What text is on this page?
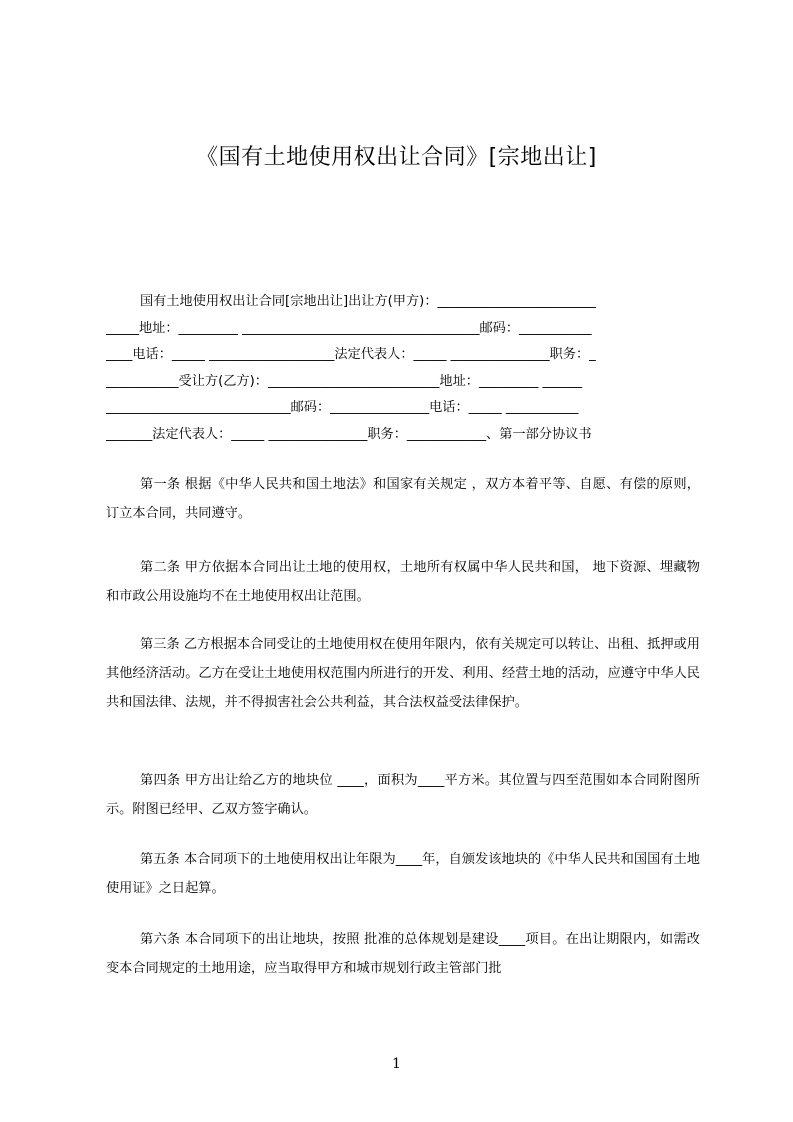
《国有土地使用权出让合同》[宗地出让]
国有土地使用权出让合同[宗地出让]出让方(甲方)：________________________
_____地址：_________ ____________________________________邮码：___________
____电话：_____ ___________________法定代表人：_____ _______________职务：_
___________受让方(乙方)：__________________________地址：_________ ______
____________________________邮码：_______________电话：_____ ___________
_______法定代表人：_____ _______________职务：____________、第一部分协议书

第一条 根据《中华人民共和国土地法》和国家有关规定 ，双方本着平等、自愿、有偿的原则，订立本合同，共同遵守。

第二条 甲方依据本合同出让土地的使用权，土地所有权属中华人民共和国， 地下资源、埋藏物和市政公用设施均不在土地使用权出让范围。

第三条 乙方根据本合同受让的土地使用权在使用年限内，依有关规定可以转让、出租、抵押或用 其他经济活动。乙方在受让土地使用权范围内所进行的开发、利用、经营土地的活动，应遵守中华人民共和国法律、法规，并不得损害社会公共利益，其合法权益受法律保护。

第四条 甲方出让给乙方的地块位 ____，面积为____平方米。其位置与四至范围如本合同附图所示。附图已经甲、乙双方签字确认。

第五条 本合同项下的土地使用权出让年限为____年，自颁发该地块的《中华人民共和国国有土地使用证》之日起算。

第六条 本合同项下的出让地块，按照 批准的总体规划是建设____项目。在出让期限内，如需改变本合同规定的土地用途，应当取得甲方和城市规划行政主管部门批

1
